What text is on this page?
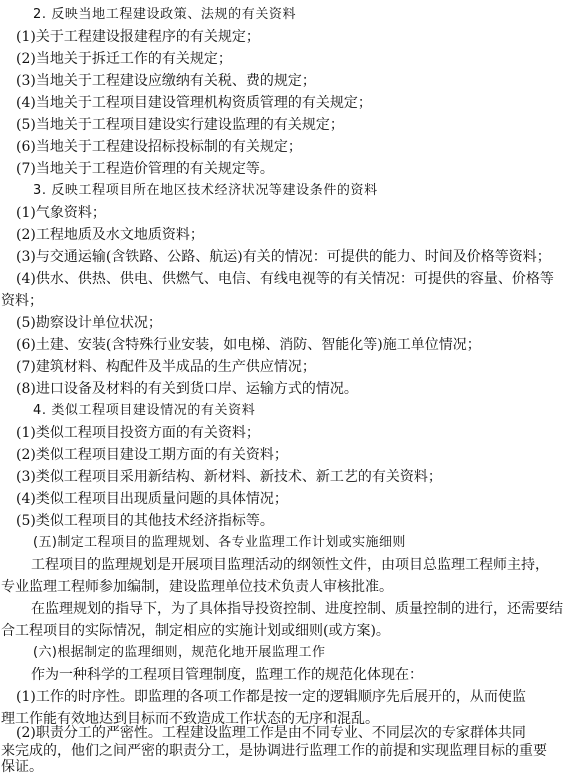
2. 反映当地工程建设政策、法规的有关资料
(1)关于工程建设报建程序的有关规定；
(2)当地关于拆迁工作的有关规定；
(3)当地关于工程建设应缴纳有关税、费的规定；
(4)当地关于工程项目建设管理机构资质管理的有关规定；
(5)当地关于工程项目建设实行建设监理的有关规定；
(6)当地关于工程建设招标投标制的有关规定；
(7)当地关于工程造价管理的有关规定等。
3. 反映工程项目所在地区技术经济状况等建设条件的资料
(1)气象资料；
(2)工程地质及水文地质资料；
(3)与交通运输(含铁路、公路、航运)有关的情况：可提供的能力、时间及价格等资料；
(4)供水、供热、供电、供燃气、电信、有线电视等的有关情况：可提供的容量、价格等
资料；
(5)勘察设计单位状况；
(6)土建、安装(含特殊行业安装，如电梯、消防、智能化等)施工单位情况；
(7)建筑材料、构配件及半成品的生产供应情况；
(8)进口设备及材料的有关到货口岸、运输方式的情况。
4. 类似工程项目建设情况的有关资料
(1)类似工程项目投资方面的有关资料；
(2)类似工程项目建设工期方面的有关资料；
(3)类似工程项目采用新结构、新材料、新技术、新工艺的有关资料；
(4)类似工程项目出现质量问题的具体情况；
(5)类似工程项目的其他技术经济指标等。
(五)制定工程项目的监理规划、各专业监理工作计划或实施细则
工程项目的监理规划是开展项目监理活动的纲领性文件，由项目总监理工程师主持，
专业监理工程师参加编制，建设监理单位技术负责人审核批准。
在监理规划的指导下，为了具体指导投资控制、进度控制、质量控制的进行，还需要结
合工程项目的实际情况，制定相应的实施计划或细则(或方案)。
(六)根据制定的监理细则，规范化地开展监理工作
作为一种科学的工程项目管理制度，监理工作的规范化体现在：
(1)工作的时序性。即监理的各项工作都是按一定的逻辑顺序先后展开的，从而使监
理工作能有效地达到目标而不致造成工作状态的无序和混乱。
(2)职责分工的严密性。工程建设监理工作是由不同专业、不同层次的专家群体共同
来完成的，他们之间严密的职责分工，是协调进行监理工作的前提和实现监理目标的重要
保证。
